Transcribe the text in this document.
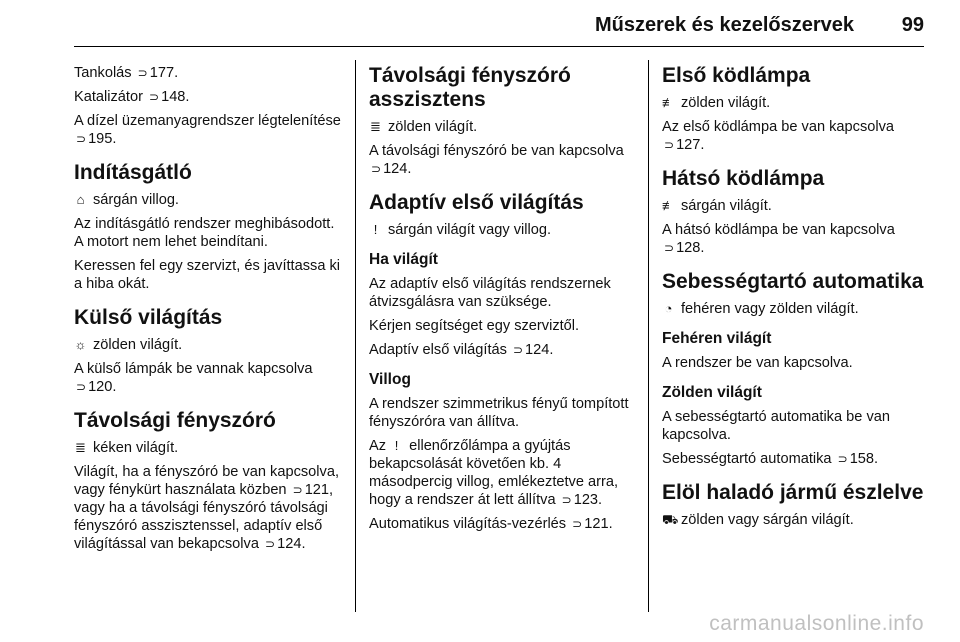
Műszerek és kezelőszervek 99

Tankolás ⊃ 177.

Katalizátor ⊃ 148.

A dízel üzemanyagrendszer légtelenítése ⊃ 195.

Indításgátló

⌂ sárgán villog.

Az indításgátló rendszer meghibásodott. A motort nem lehet beindítani.

Keressen fel egy szervizt, és javíttassa ki a hiba okát.

Külső világítás

☼ zölden világít.

A külső lámpák be vannak kapcsolva ⊃ 120.

Távolsági fényszóró

≣ kéken világít.

Világít, ha a fényszóró be van kapcsolva, vagy fénykürt használata közben ⊃ 121, vagy ha a távolsági fényszóró távolsági fényszóró asszisztenssel, adaptív első világítással van bekapcsolva ⊃ 124.

Távolsági fényszóró asszisztens

≣ zölden világít.

A távolsági fényszóró be van kapcsolva ⊃ 124.

Adaptív első világítás

! sárgán világít vagy villog.

Ha világít

Az adaptív első világítás rendszernek átvizsgálásra van szüksége.

Kérjen segítséget egy szerviztől.

Adaptív első világítás ⊃ 124.

Villog

A rendszer szimmetrikus fényű tompított fényszóróra van állítva.

Az ! ellenőrzőlámpa a gyújtás bekapcsolását követően kb. 4 másodpercig villog, emlékeztetve arra, hogy a rendszer át lett állítva ⊃ 123.

Automatikus világítás-vezérlés ⊃ 121.

Első ködlámpa

≢ zölden világít.

Az első ködlámpa be van kapcsolva ⊃ 127.

Hátsó ködlámpa

≢ sárgán világít.

A hátsó ködlámpa be van kapcsolva ⊃ 128.

Sebességtartó automatika

◔ fehéren vagy zölden világít.

Fehéren világít

A rendszer be van kapcsolva.

Zölden világít

A sebességtartó automatika be van kapcsolva.

Sebességtartó automatika ⊃ 158.

Elöl haladó jármű észlelve

⛟ zölden vagy sárgán világít.

carmanualsonline.info
